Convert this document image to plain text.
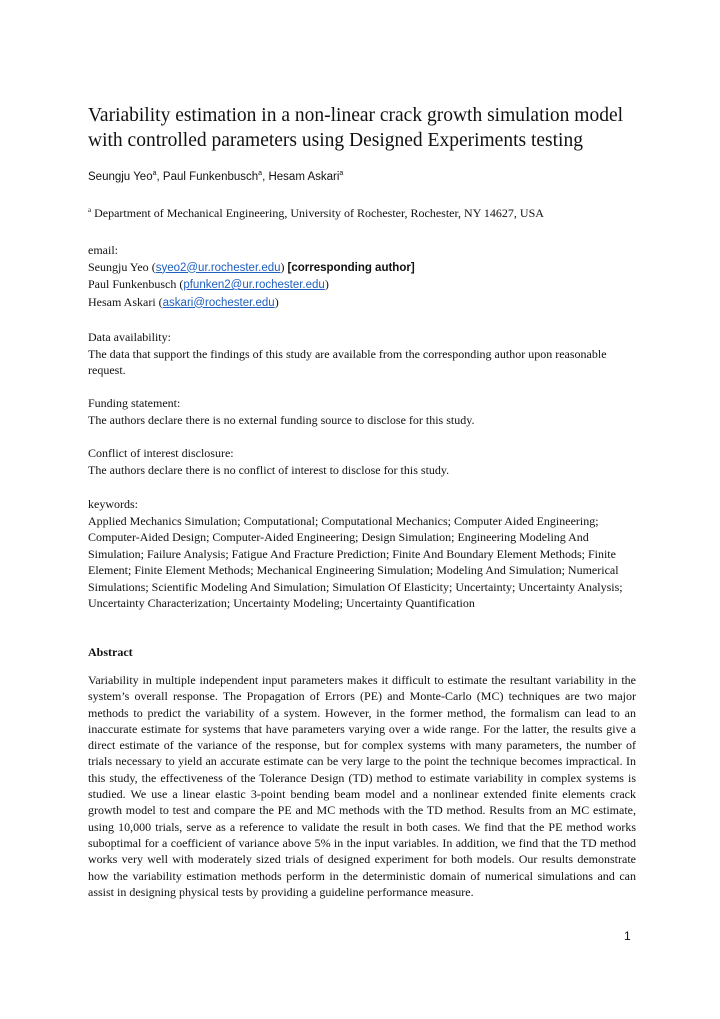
Variability estimation in a non-linear crack growth simulation model with controlled parameters using Designed Experiments testing
Seungju Yeo$^a$, Paul Funkenbusch$^a$, Hesam Askari$^a$
$^a$ Department of Mechanical Engineering, University of Rochester, Rochester, NY 14627, USA
email:
Seungju Yeo (syeo2@ur.rochester.edu) [corresponding author]
Paul Funkenbusch (pfunken2@ur.rochester.edu)
Hesam Askari (askari@rochester.edu)
Data availability:
The data that support the findings of this study are available from the corresponding author upon reasonable request.
Funding statement:
The authors declare there is no external funding source to disclose for this study.
Conflict of interest disclosure:
The authors declare there is no conflict of interest to disclose for this study.
keywords:
Applied Mechanics Simulation; Computational; Computational Mechanics; Computer Aided Engineering; Computer-Aided Design; Computer-Aided Engineering; Design Simulation; Engineering Modeling And Simulation; Failure Analysis; Fatigue And Fracture Prediction; Finite And Boundary Element Methods; Finite Element; Finite Element Methods; Mechanical Engineering Simulation; Modeling And Simulation; Numerical Simulations; Scientific Modeling And Simulation; Simulation Of Elasticity; Uncertainty; Uncertainty Analysis; Uncertainty Characterization; Uncertainty Modeling; Uncertainty Quantification
Abstract
Variability in multiple independent input parameters makes it difficult to estimate the resultant variability in the system’s overall response. The Propagation of Errors (PE) and Monte-Carlo (MC) techniques are two major methods to predict the variability of a system. However, in the former method, the formalism can lead to an inaccurate estimate for systems that have parameters varying over a wide range. For the latter, the results give a direct estimate of the variance of the response, but for complex systems with many parameters, the number of trials necessary to yield an accurate estimate can be very large to the point the technique becomes impractical. In this study, the effectiveness of the Tolerance Design (TD) method to estimate variability in complex systems is studied. We use a linear elastic 3-point bending beam model and a nonlinear extended finite elements crack growth model to test and compare the PE and MC methods with the TD method. Results from an MC estimate, using 10,000 trials, serve as a reference to validate the result in both cases. We find that the PE method works suboptimal for a coefficient of variance above 5% in the input variables. In addition, we find that the TD method works very well with moderately sized trials of designed experiment for both models. Our results demonstrate how the variability estimation methods perform in the deterministic domain of numerical simulations and can assist in designing physical tests by providing a guideline performance measure.
1
